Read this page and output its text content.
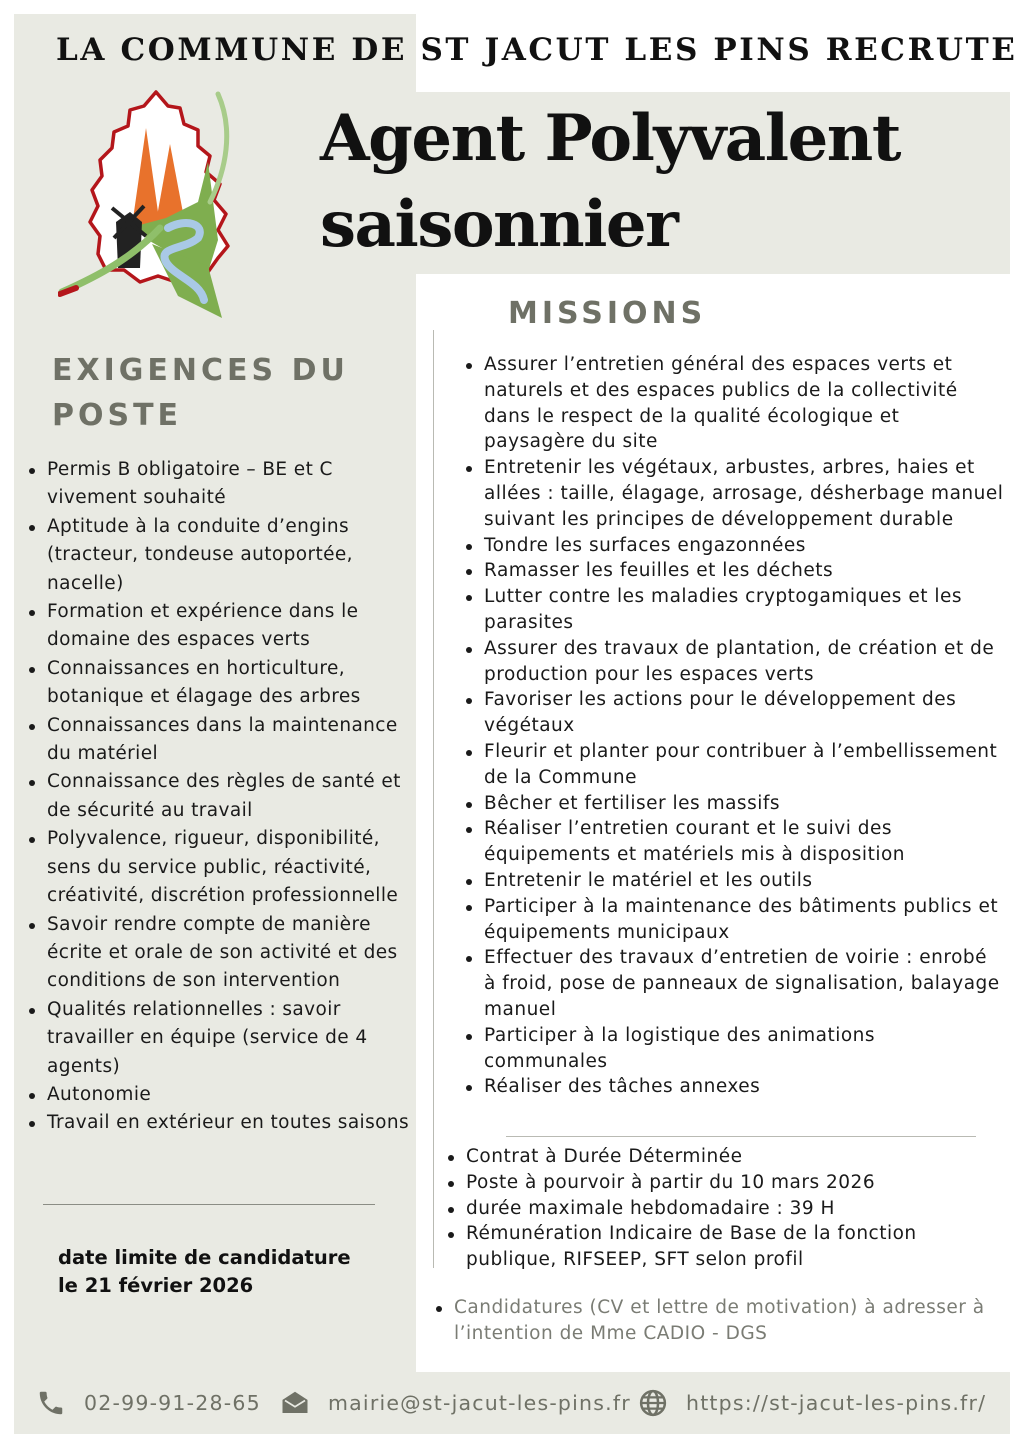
LA COMMUNE DE ST JACUT LES PINS RECRUTE
Agent Polyvalent
saisonnier
EXIGENCES DU POSTE
Permis B obligatoire – BE et C vivement souhaité
Aptitude à la conduite d’engins (tracteur, tondeuse autoportée, nacelle)
Formation et expérience dans le domaine des espaces verts
Connaissances en horticulture, botanique et élagage des arbres
Connaissances dans la maintenance du matériel
Connaissance des règles de santé et de sécurité au travail
Polyvalence, rigueur, disponibilité, sens du service public, réactivité, créativité, discrétion professionnelle
Savoir rendre compte de manière écrite et orale de son activité et des conditions de son intervention
Qualités relationnelles : savoir travailler en équipe (service de 4 agents)
Autonomie
Travail en extérieur en toutes saisons
date limite de candidature
le 21 février 2026
MISSIONS
Assurer l’entretien général des espaces verts et naturels et des espaces publics de la collectivité dans le respect de la qualité écologique et paysagère du site
Entretenir les végétaux, arbustes, arbres, haies et allées : taille, élagage, arrosage, désherbage manuel suivant les principes de développement durable
Tondre les surfaces engazonnées
Ramasser les feuilles et les déchets
Lutter contre les maladies cryptogamiques et les parasites
Assurer des travaux de plantation, de création et de production pour les espaces verts
Favoriser les actions pour le développement des végétaux
Fleurir et planter pour contribuer à l’embellissement de la Commune
Bêcher et fertiliser les massifs
Réaliser l’entretien courant et le suivi des équipements et matériels mis à disposition
Entretenir le matériel et les outils
Participer à la maintenance des bâtiments publics et équipements municipaux
Effectuer des travaux d’entretien de voirie : enrobé à froid, pose de panneaux de signalisation, balayage manuel
Participer à la logistique des animations communales
Réaliser des tâches annexes
Contrat à Durée Déterminée
Poste à pourvoir à partir du 10 mars 2026
durée maximale hebdomadaire : 39 H
Rémunération Indicaire de Base de la fonction publique, RIFSEEP, SFT selon profil
Candidatures (CV et lettre de motivation) à adresser à l’intention de Mme CADIO - DGS
02-99-91-28-65	mairie@st-jacut-les-pins.fr	https://st-jacut-les-pins.fr/
